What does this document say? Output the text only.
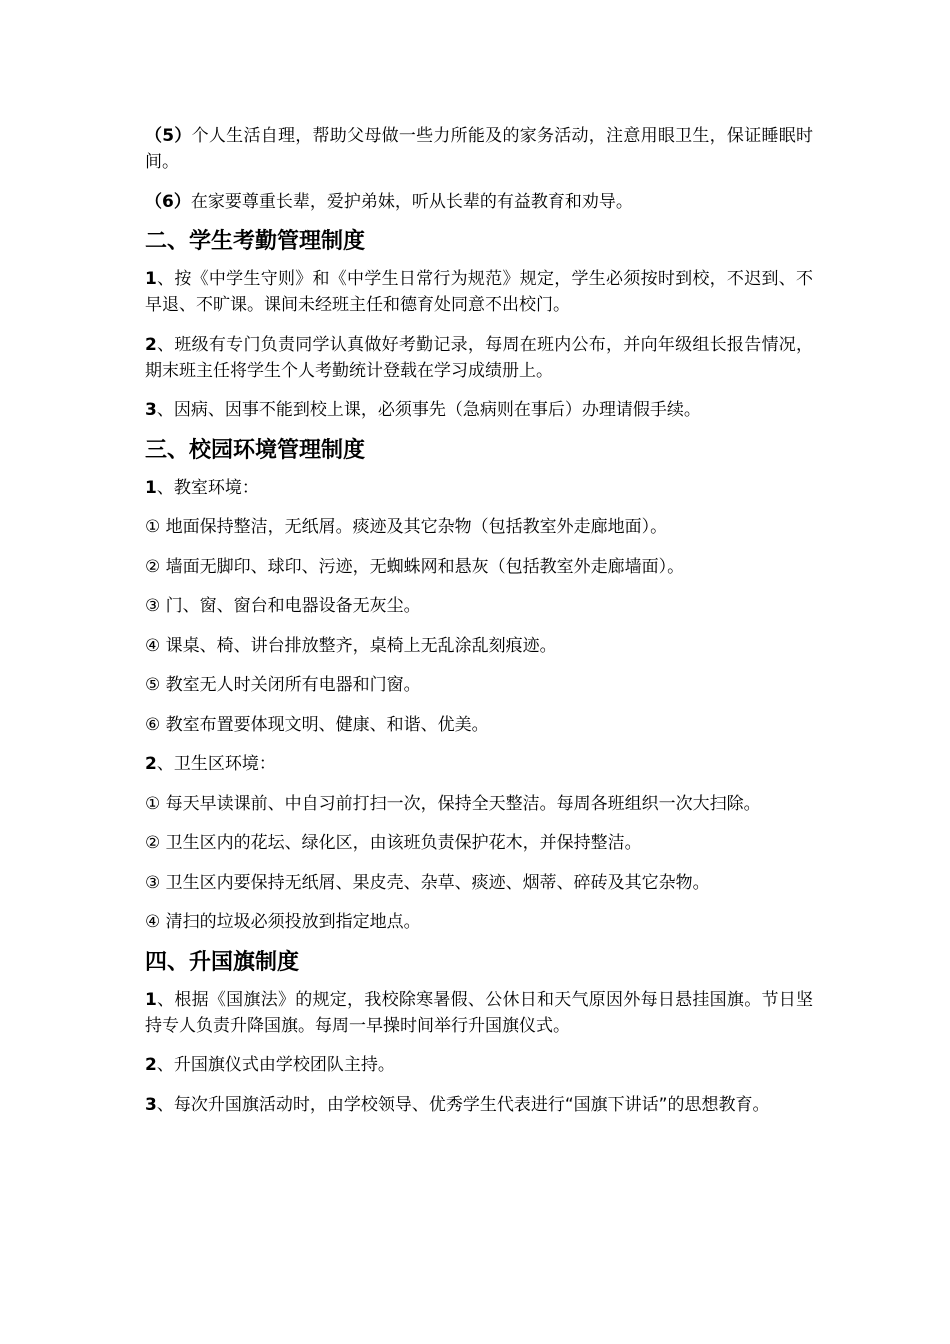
（5）个人生活自理，帮助父母做一些力所能及的家务活动，注意用眼卫生，保证睡眠时间。

（6）在家要尊重长辈，爱护弟妹，听从长辈的有益教育和劝导。

二、学生考勤管理制度

1、按《中学生守则》和《中学生日常行为规范》规定，学生必须按时到校，不迟到、不早退、不旷课。课间未经班主任和德育处同意不出校门。

2、班级有专门负责同学认真做好考勤记录，每周在班内公布，并向年级组长报告情况，期末班主任将学生个人考勤统计登载在学习成绩册上。

3、因病、因事不能到校上课，必须事先（急病则在事后）办理请假手续。

三、校园环境管理制度

1、教室环境：

① 地面保持整洁，无纸屑。痰迹及其它杂物（包括教室外走廊地面）。

② 墙面无脚印、球印、污迹，无蜘蛛网和悬灰（包括教室外走廊墙面）。

③ 门、窗、窗台和电器设备无灰尘。

④ 课桌、椅、讲台排放整齐，桌椅上无乱涂乱刻痕迹。

⑤ 教室无人时关闭所有电器和门窗。

⑥ 教室布置要体现文明、健康、和谐、优美。

2、卫生区环境：

① 每天早读课前、中自习前打扫一次，保持全天整洁。每周各班组织一次大扫除。

② 卫生区内的花坛、绿化区，由该班负责保护花木，并保持整洁。

③ 卫生区内要保持无纸屑、果皮壳、杂草、痰迹、烟蒂、碎砖及其它杂物。

④ 清扫的垃圾必须投放到指定地点。

四、升国旗制度

1、根据《国旗法》的规定，我校除寒暑假、公休日和天气原因外每日悬挂国旗。节日坚持专人负责升降国旗。每周一早操时间举行升国旗仪式。

2、升国旗仪式由学校团队主持。

3、每次升国旗活动时，由学校领导、优秀学生代表进行“国旗下讲话”的思想教育。
